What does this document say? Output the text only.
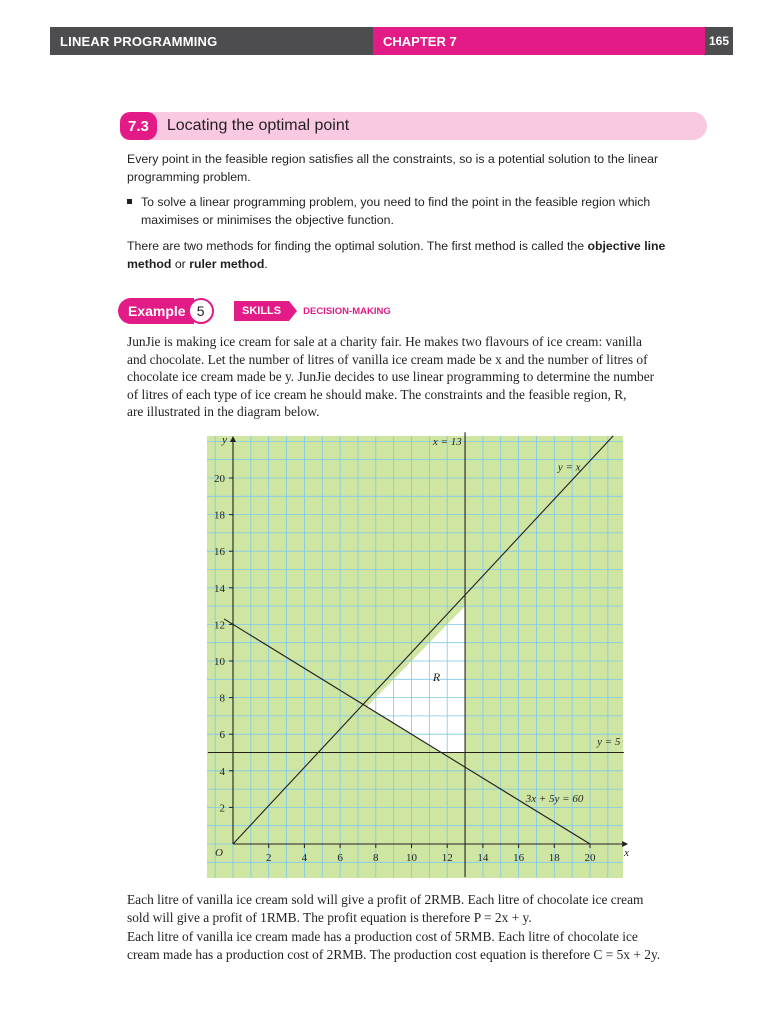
LINEAR PROGRAMMING	CHAPTER 7	165
7.3	Locating the optimal point
Every point in the feasible region satisfies all the constraints, so is a potential solution to the linear programming problem.
To solve a linear programming problem, you need to find the point in the feasible region which maximises or minimises the objective function.
There are two methods for finding the optimal solution. The first method is called the objective line method or ruler method.
Example 5	SKILLS	DECISION-MAKING
JunJie is making ice cream for sale at a charity fair. He makes two flavours of ice cream: vanilla
and chocolate. Let the number of litres of vanilla ice cream made be x and the number of litres of
chocolate ice cream made be y. JunJie decides to use linear programming to determine the number
of litres of each type of ice cream he should make. The constraints and the feasible region, R,
are illustrated in the diagram below.
2	4	6	8 10 12 14 16 18 20
2
4
6
8
10
12
14
16
18
20
O	x
y	x = 13
y = x
y = 5
3x + 5y = 60
R
Each litre of vanilla ice cream sold will give a profit of 2RMB. Each litre of chocolate ice cream
sold will give a profit of 1RMB. The profit equation is therefore P = 2x + y.
Each litre of vanilla ice cream made has a production cost of 5RMB. Each litre of chocolate ice
cream made has a production cost of 2RMB. The production cost equation is therefore C = 5x + 2y.
